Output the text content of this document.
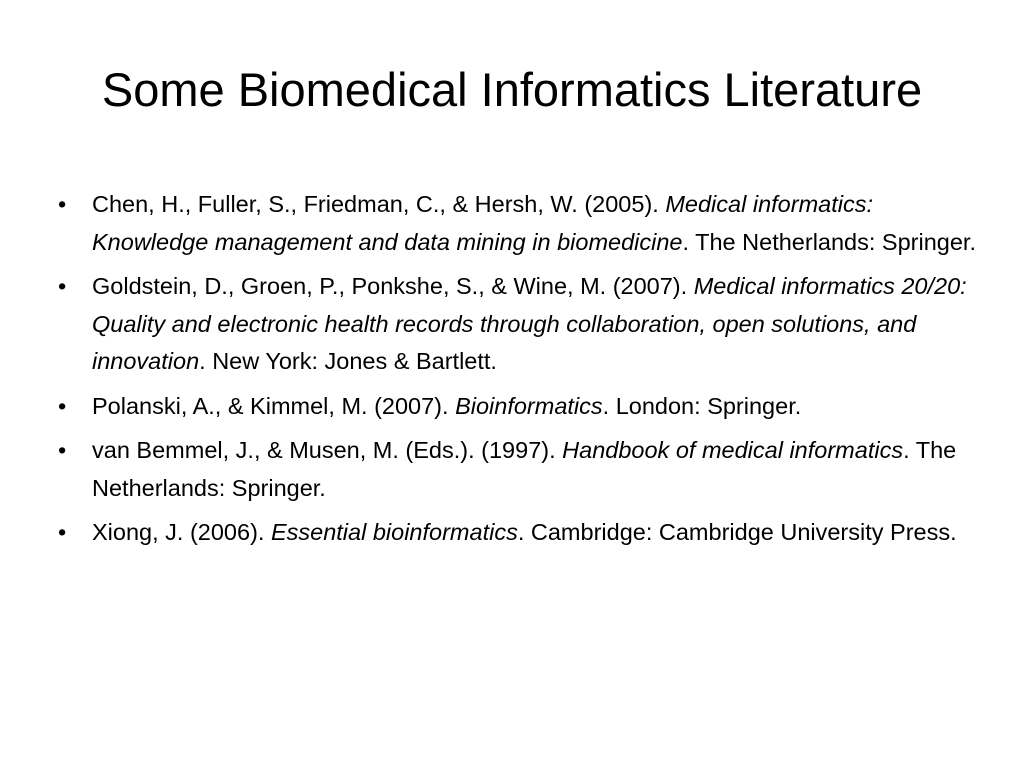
Some Biomedical Informatics Literature
• Chen, H., Fuller, S., Friedman, C., & Hersh, W. (2005). Medical informatics: Knowledge management and data mining in biomedicine. The Netherlands: Springer.
• Goldstein, D., Groen, P., Ponkshe, S., & Wine, M. (2007). Medical informatics 20/20: Quality and electronic health records through collaboration, open solutions, and innovation. New York: Jones & Bartlett.
• Polanski, A., & Kimmel, M. (2007). Bioinformatics. London: Springer.
• van Bemmel, J., & Musen, M. (Eds.). (1997). Handbook of medical informatics. The Netherlands: Springer.
• Xiong, J. (2006). Essential bioinformatics. Cambridge: Cambridge University Press.
